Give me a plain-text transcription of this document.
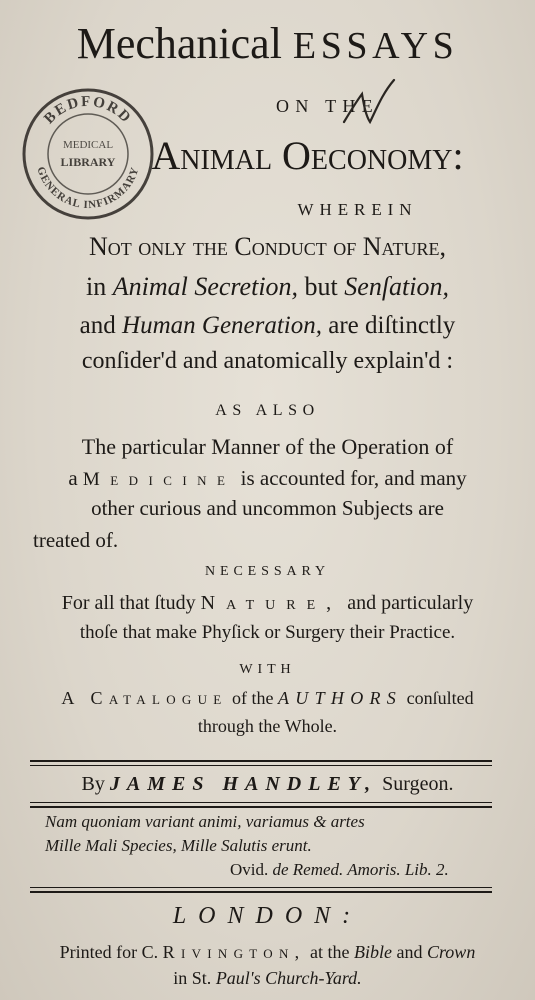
Mechanical ESSAYS
ON THE
Animal Oeconomy:
WHEREIN
Not only the Conduct of Nature,
in Animal Secretion, but Senſation,
and Human Generation, are diſtinctly
conſider'd and anatomically explain'd :
AS ALSO
The particular Manner of the Operation of
a Medicine is accounted for, and many
other curious and uncommon Subjects are
treated of.
NECESSARY
For all that ſtudy Nature, and particularly
thoſe that make Phyſick or Surgery their Practice.
WITH
A Catalogue of the AUTHORS conſulted
through the Whole.
By JAMES HANDLEY, Surgeon.
Nam quoniam variant animi, variamus & artes
Mille Mali Species, Mille Salutis erunt.
Ovid. de Remed. Amoris. Lib. 2.
LONDON:
Printed for C. Rivington, at the Bible and Crown
in St. Paul's Church-Yard.
BEDFORD
MEDICAL
LIBRARY
GENERAL INFIRMARY
